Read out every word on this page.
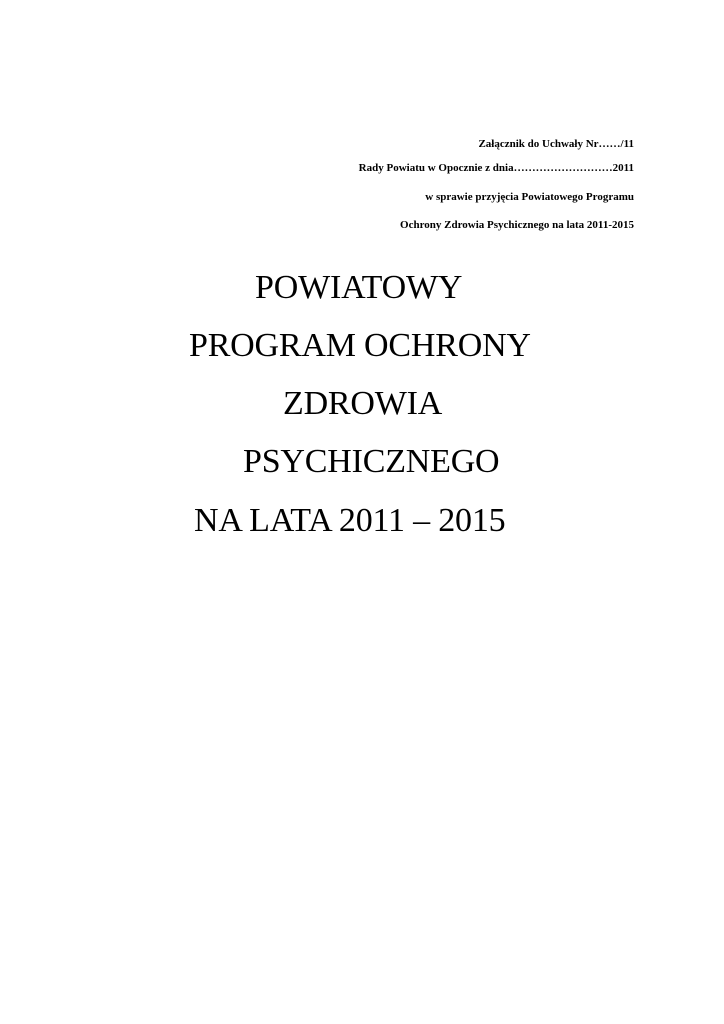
Załącznik do Uchwały Nr……/11
Rady Powiatu w Opocznie z dnia………………………2011
w sprawie przyjęcia Powiatowego Programu
Ochrony Zdrowia Psychicznego na lata 2011-2015
POWIATOWY
PROGRAM OCHRONY
ZDROWIA
PSYCHICZNEGO
NA LATA 2011 – 2015
